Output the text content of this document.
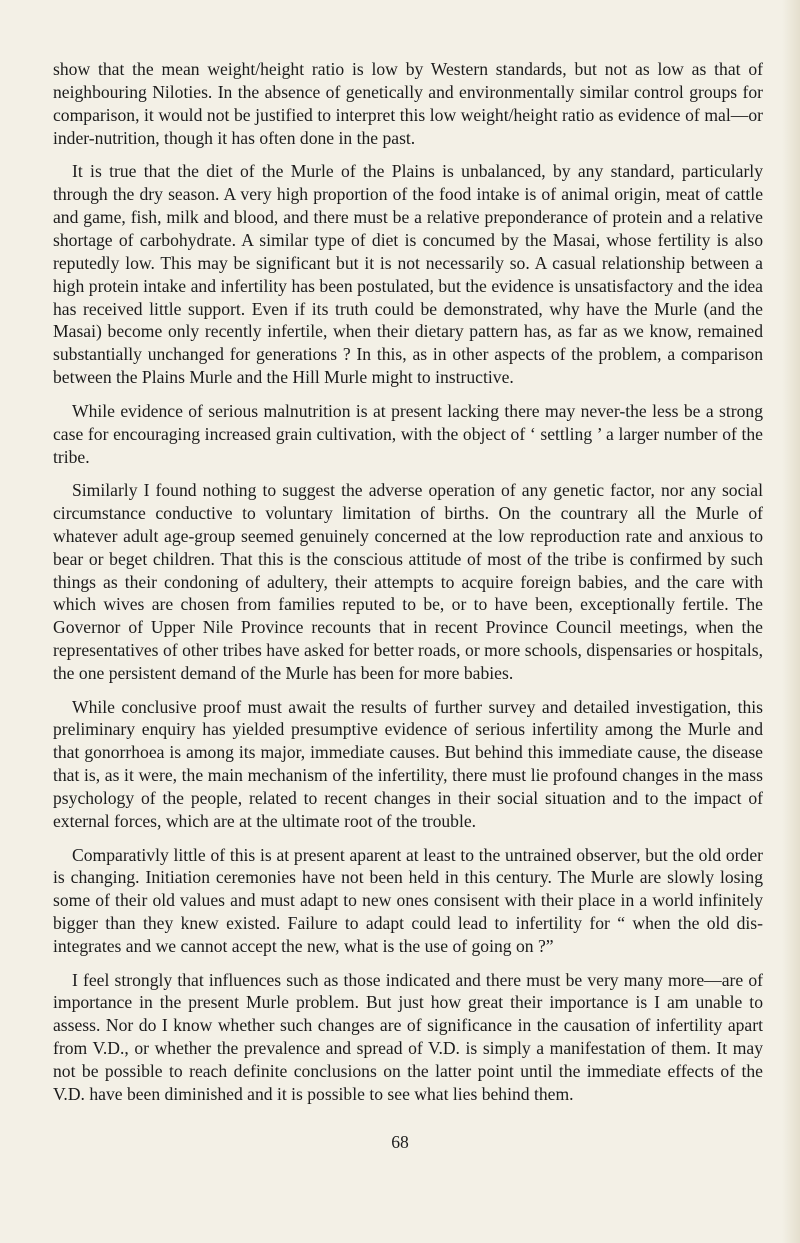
show that the mean weight/height ratio is low by Western standards, but not as low as that of neighbouring Niloties. In the absence of genetically and environmentally similar control groups for comparison, it would not be justified to interpret this low weight/height ratio as evidence of mal—or inder-nutrition, though it has often done in the past.

It is true that the diet of the Murle of the Plains is unbalanced, by any standard, particularly through the dry season. A very high proportion of the food intake is of animal origin, meat of cattle and game, fish, milk and blood, and there must be a relative preponderance of protein and a relative shortage of carbohydrate. A similar type of diet is concumed by the Masai, whose fertility is also reputedly low. This may be significant but it is not necessarily so. A casual relationship between a high protein intake and infertility has been postulated, but the evidence is unsatisfactory and the idea has received little support. Even if its truth could be demonstrated, why have the Murle (and the Masai) become only recently infertile, when their dietary pattern has, as far as we know, remained substantially unchanged for generations ? In this, as in other aspects of the problem, a comparison between the Plains Murle and the Hill Murle might to instructive.

While evidence of serious malnutrition is at present lacking there may never-the less be a strong case for encouraging increased grain cultivation, with the object of ‘ settling ’ a larger number of the tribe.

Similarly I found nothing to suggest the adverse operation of any genetic factor, nor any social circumstance conductive to voluntary limitation of births. On the countrary all the Murle of whatever adult age-group seemed genuinely concerned at the low reproduction rate and anxious to bear or beget children. That this is the conscious attitude of most of the tribe is confirmed by such things as their condoning of adultery, their attempts to acquire foreign babies, and the care with which wives are chosen from families reputed to be, or to have been, exceptionally fertile. The Governor of Upper Nile Province recounts that in recent Province Council meetings, when the representatives of other tribes have asked for better roads, or more schools, dispensaries or hospitals, the one persistent demand of the Murle has been for more babies.

While conclusive proof must await the results of further survey and detailed investigation, this preliminary enquiry has yielded presumptive evidence of serious infertility among the Murle and that gonorrhoea is among its major, immediate causes. But behind this immediate cause, the disease that is, as it were, the main mechanism of the infertility, there must lie profound changes in the mass psychology of the people, related to recent changes in their social situation and to the impact of external forces, which are at the ultimate root of the trouble.

Comparativly little of this is at present aparent at least to the untrained observer, but the old order is changing. Initiation ceremonies have not been held in this century. The Murle are slowly losing some of their old values and must adapt to new ones consisent with their place in a world infinitely bigger than they knew existed. Failure to adapt could lead to infertility for “ when the old dis-integrates and we cannot accept the new, what is the use of going on ?”

I feel strongly that influences such as those indicated and there must be very many more—are of importance in the present Murle problem. But just how great their importance is I am unable to assess. Nor do I know whether such changes are of significance in the causation of infertility apart from V.D., or whether the prevalence and spread of V.D. is simply a manifestation of them. It may not be possible to reach definite conclusions on the latter point until the immediate effects of the V.D. have been diminished and it is possible to see what lies behind them.

68
